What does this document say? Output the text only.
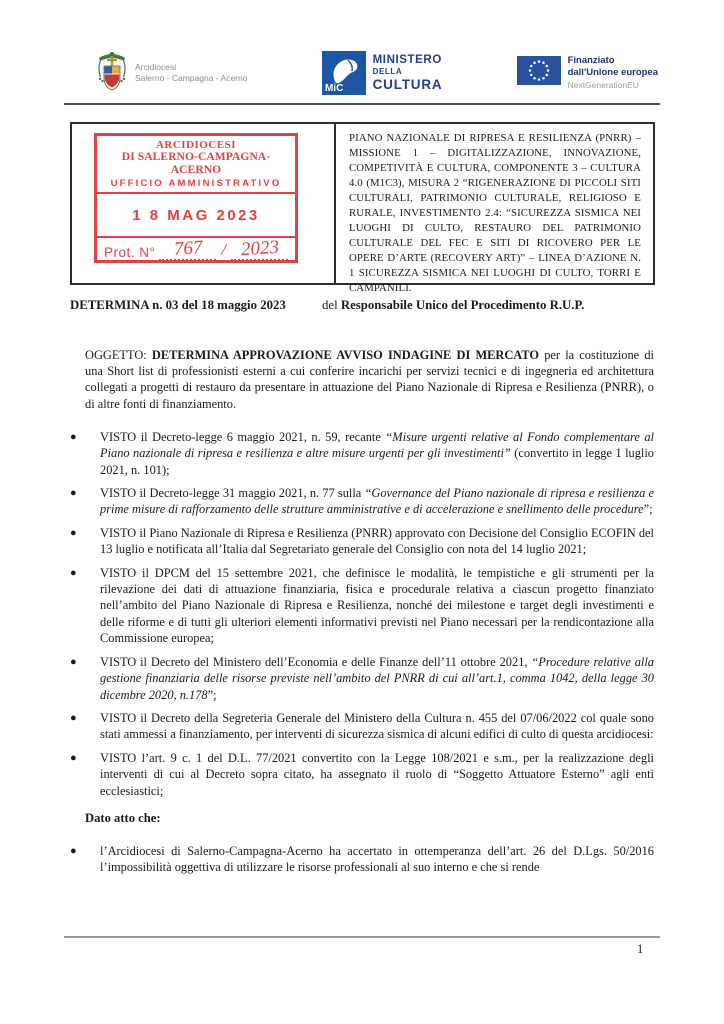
Arcidiocesi
Salerno - Campagna - Acerno
MiC
MINISTERO
DELLA
CULTURA
Finanziato
dall'Unione europea
NextGenerationEU
ARCIDIOCESI
DI SALERNO-CAMPAGNA-ACERNO
UFFICIO AMMINISTRATIVO
1 8 MAG 2023
Prot. N° 767	/ 2023
PIANO NAZIONALE DI RIPRESA E RESILIENZA (PNRR) – MISSIONE 1 – DIGITALIZZAZIONE, INNOVAZIONE, COMPETIVITÀ E CULTURA, COMPONENTE 3 – CULTURA 4.0 (M1C3), MISURA 2 “RIGENERAZIONE DI PICCOLI SITI CULTURALI, PATRIMONIO CULTURALE, RELIGIOSO E RURALE, INVESTIMENTO 2.4: “SICUREZZA SISMICA NEI LUOGHI DI CULTO, RESTAURO DEL PATRIMONIO CULTURALE DEL FEC E SITI DI RICOVERO PER LE OPERE D’ARTE (RECOVERY ART)” – LINEA D’AZIONE N. 1 SICUREZZA SISMICA NEI LUOGHI DI CULTO, TORRI E CAMPANILI.
DETERMINA n. 03 del 18 maggio 2023	del Responsabile Unico del Procedimento R.U.P.
OGGETTO: DETERMINA APPROVAZIONE AVVISO INDAGINE DI MERCATO per la costituzione di una Short list di professionisti esterni a cui conferire incarichi per servizi tecnici e di ingegneria ed architettura collegati a progetti di restauro da presentare in attuazione del Piano Nazionale di Ripresa e Resilienza (PNRR), o di altre fonti di finanziamento.
●	VISTO il Decreto-legge 6 maggio 2021, n. 59, recante “Misure urgenti relative al Fondo complementare al Piano nazionale di ripresa e resilienza e altre misure urgenti per gli investimenti” (convertito in legge 1 luglio 2021, n. 101);
●	VISTO il Decreto-legge 31 maggio 2021, n. 77 sulla “Governance del Piano nazionale di ripresa e resilienza e prime misure di rafforzamento delle strutture amministrative e di accelerazione e snellimento delle procedure”;
●	VISTO il Piano Nazionale di Ripresa e Resilienza (PNRR) approvato con Decisione del Consiglio ECOFIN del 13 luglio e notificata all’Italia dal Segretariato generale del Consiglio con nota del 14 luglio 2021;
●	VISTO il DPCM del 15 settembre 2021, che definisce le modalità, le tempistiche e gli strumenti per la rilevazione dei dati di attuazione finanziaria, fisica e procedurale relativa a ciascun progetto finanziato nell’ambito del Piano Nazionale di Ripresa e Resilienza, nonché dei milestone e target degli investimenti e delle riforme e di tutti gli ulteriori elementi informativi previsti nel Piano necessari per la rendicontazione alla Commissione europea;
●	VISTO il Decreto del Ministero dell’Economia e delle Finanze dell’11 ottobre 2021, “Procedure relative alla gestione finanziaria delle risorse previste nell’ambito del PNRR di cui all’art.1, comma 1042, della legge 30 dicembre 2020, n.178”;
●	VISTO il Decreto della Segreteria Generale del Ministero della Cultura n. 455 del 07/06/2022 col quale sono stati ammessi a finanziamento, per interventi di sicurezza sismica di alcuni edifici di culto di questa arcidiocesi:
●	VISTO l’art. 9 c. 1 del D.L. 77/2021 convertito con la Legge 108/2021 e s.m., per la realizzazione degli interventi di cui al Decreto sopra citato, ha assegnato il ruolo di “Soggetto Attuatore Esterno” agli enti ecclesiastici;
Dato atto che:
●	l’Arcidiocesi di Salerno-Campagna-Acerno ha accertato in ottemperanza dell’art. 26 del D.Lgs. 50/2016 l’impossibilità oggettiva di utilizzare le risorse professionali al suo interno e che si rende
1
